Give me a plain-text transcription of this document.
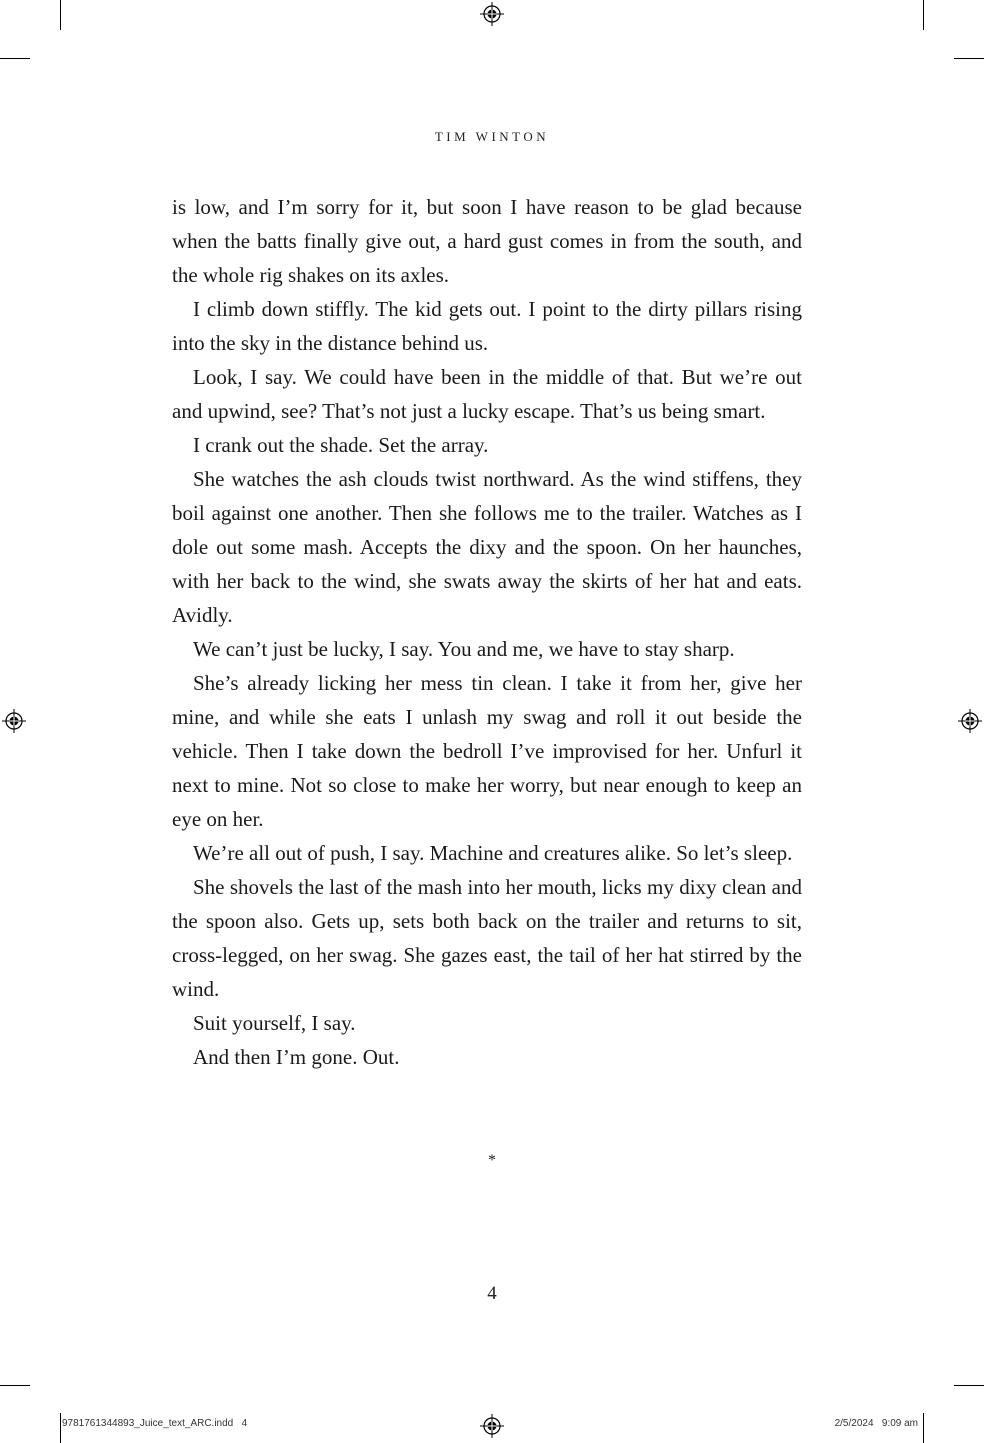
TIM WINTON

is low, and I’m sorry for it, but soon I have reason to be glad because when the batts finally give out, a hard gust comes in from the south, and the whole rig shakes on its axles.

I climb down stiffly. The kid gets out. I point to the dirty pillars rising into the sky in the distance behind us.

Look, I say. We could have been in the middle of that. But we’re out and upwind, see? That’s not just a lucky escape. That’s us being smart.

I crank out the shade. Set the array.

She watches the ash clouds twist northward. As the wind stiffens, they boil against one another. Then she follows me to the trailer. Watches as I dole out some mash. Accepts the dixy and the spoon. On her haunches, with her back to the wind, she swats away the skirts of her hat and eats. Avidly.

We can’t just be lucky, I say. You and me, we have to stay sharp.

She’s already licking her mess tin clean. I take it from her, give her mine, and while she eats I unlash my swag and roll it out beside the vehicle. Then I take down the bedroll I’ve improvised for her. Unfurl it next to mine. Not so close to make her worry, but near enough to keep an eye on her.

We’re all out of push, I say. Machine and creatures alike. So let’s sleep.

She shovels the last of the mash into her mouth, licks my dixy clean and the spoon also. Gets up, sets both back on the trailer and returns to sit, cross-legged, on her swag. She gazes east, the tail of her hat stirred by the wind.

Suit yourself, I say.

And then I’m gone. Out.

*
4
9781761344893_Juice_text_ARC.indd   4	2/5/2024   9:09 am
